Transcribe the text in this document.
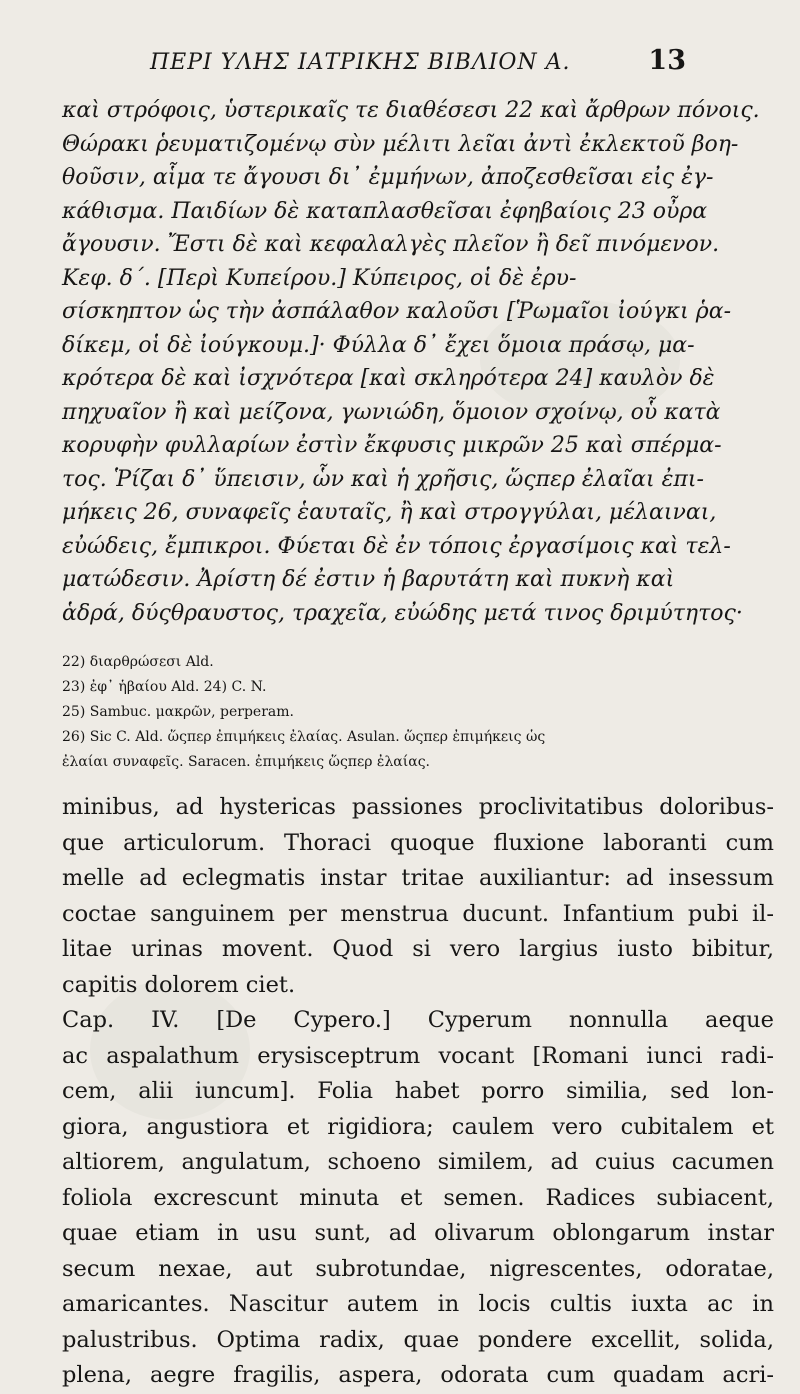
ΠΕΡΙ ΥΛΗΣ ΙΑΤΡΙΚΗΣ ΒΙΒΛΙΟΝ Α.	13
καὶ στρόφοις, ὑστερικαῖς τε διαθέσεσι 22 καὶ ἄρθρων πόνοις.
Θώρακι ῥευματιζομένῳ σὺν μέλιτι λεῖαι ἀντὶ ἐκλεκτοῦ βοη-
θοῦσιν, αἷμα τε ἄγουσι δι᾽ ἐμμήνων, ἀποζεσθεῖσαι εἰς ἐγ-
κάθισμα. Παιδίων δὲ καταπλασθεῖσαι ἐφηβαίοις 23 οὖρα
ἄγουσιν. Ἔστι δὲ καὶ κεφαλαλγὲς πλεῖον ἢ δεῖ πινόμενον.
Κεφ. δ΄. [Περὶ Κυπείρου.] Κύπειρος, οἱ δὲ ἐρυ-
σίσκηπτον ὡς τὴν ἀσπάλαθον καλοῦσι [Ῥωμαῖοι ἰούγκι ῥα-
δίκεμ, οἱ δὲ ἰούγκουμ.]· Φύλλα δ᾽ ἔχει ὅμοια πράσῳ, μα-
κρότερα δὲ καὶ ἰσχνότερα [καὶ σκληρότερα 24] καυλὸν δὲ
πηχυαῖον ἢ καὶ μείζονα, γωνιώδη, ὅμοιον σχοίνῳ, οὗ κατὰ
κορυφὴν φυλλαρίων ἐστὶν ἔκφυσις μικρῶν 25 καὶ σπέρμα-
τος. Ῥίζαι δ᾽ ὕπεισιν, ὧν καὶ ἡ χρῆσις, ὥςπερ ἐλαῖαι ἐπι-
μήκεις 26, συναφεῖς ἑαυταῖς, ἢ καὶ στρογγύλαι, μέλαιναι,
εὐώδεις, ἔμπικροι. Φύεται δὲ ἐν τόποις ἐργασίμοις καὶ τελ-
ματώδεσιν. Ἀρίστη δέ ἐστιν ἡ βαρυτάτη καὶ πυκνὴ καὶ
ἁδρά, δύςθραυστος, τραχεῖα, εὐώδης μετά τινος δριμύτητος·
22) διαρθρώσεσι Ald.
23) ἐφ᾽ ἡβαίου Ald. 24) C. N.
25) Sambuc. μακρῶν, perperam.
26) Sic C. Ald. ὥςπερ ἐπιμήκεις ἐλαίας. Asulan. ὥςπερ ἐπιμήκεις ὡς
ἐλαίαι συναφεῖς. Saracen. ἐπιμήκεις ὥςπερ ἐλαίας.
minibus, ad hystericas passiones proclivitatibus doloribus-
que articulorum. Thoraci quoque fluxione laboranti cum
melle ad eclegmatis instar tritae auxiliantur: ad insessum
coctae sanguinem per menstrua ducunt. Infantium pubi il-
litae urinas movent. Quod si vero largius iusto bibitur,
capitis dolorem ciet.
Cap. IV. [De Cypero.] Cyperum nonnulla aeque
ac aspalathum erysisceptrum vocant [Romani iunci radi-
cem, alii iuncum]. Folia habet porro similia, sed lon-
giora, angustiora et rigidiora; caulem vero cubitalem et
altiorem, angulatum, schoeno similem, ad cuius cacumen
foliola excrescunt minuta et semen. Radices subiacent,
quae etiam in usu sunt, ad olivarum oblongarum instar
secum nexae, aut subrotundae, nigrescentes, odoratae,
amaricantes. Nascitur autem in locis cultis iuxta ac in
palustribus. Optima radix, quae pondere excellit, solida,
plena, aegre fragilis, aspera, odorata cum quadam acri-
